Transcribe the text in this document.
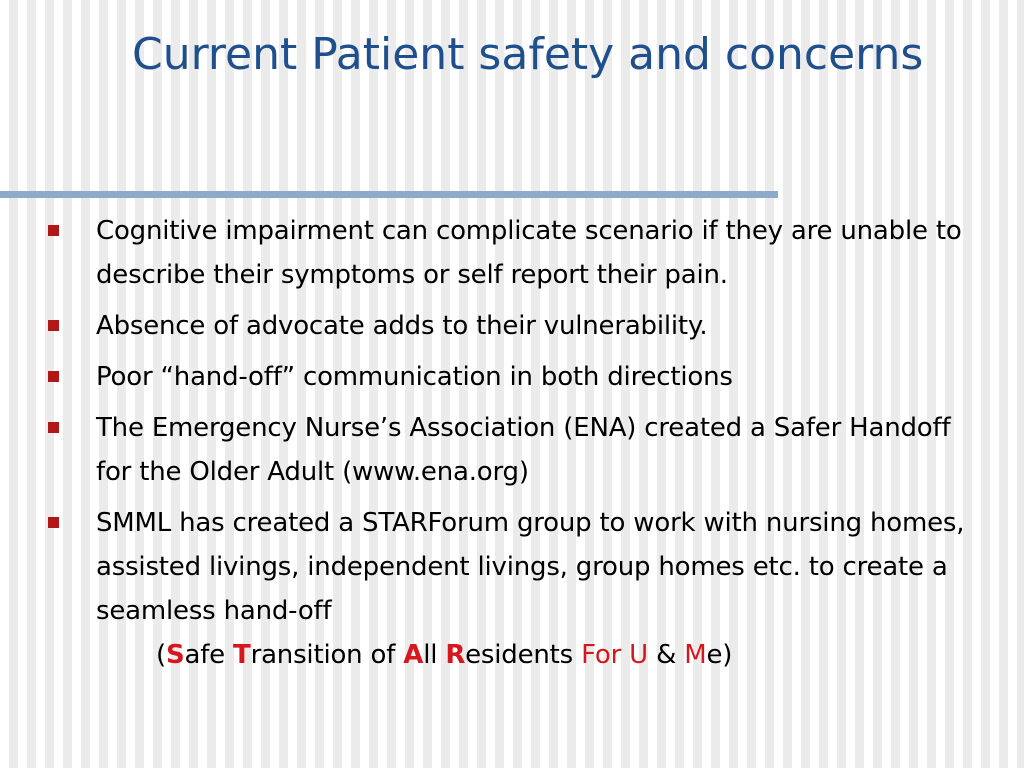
Current Patient safety and concerns
Cognitive impairment can complicate scenario if they are unable to describe their symptoms or self report their pain.
Absence of advocate adds to their vulnerability.
Poor “hand-off” communication in both directions
The Emergency Nurse’s Association (ENA) created a Safer Handoff for the Older Adult (www.ena.org)
SMML has created a STARForum group to work with nursing homes, assisted livings, independent livings, group homes etc. to create a seamless hand-off
(Safe Transition of All Residents For U & Me)
